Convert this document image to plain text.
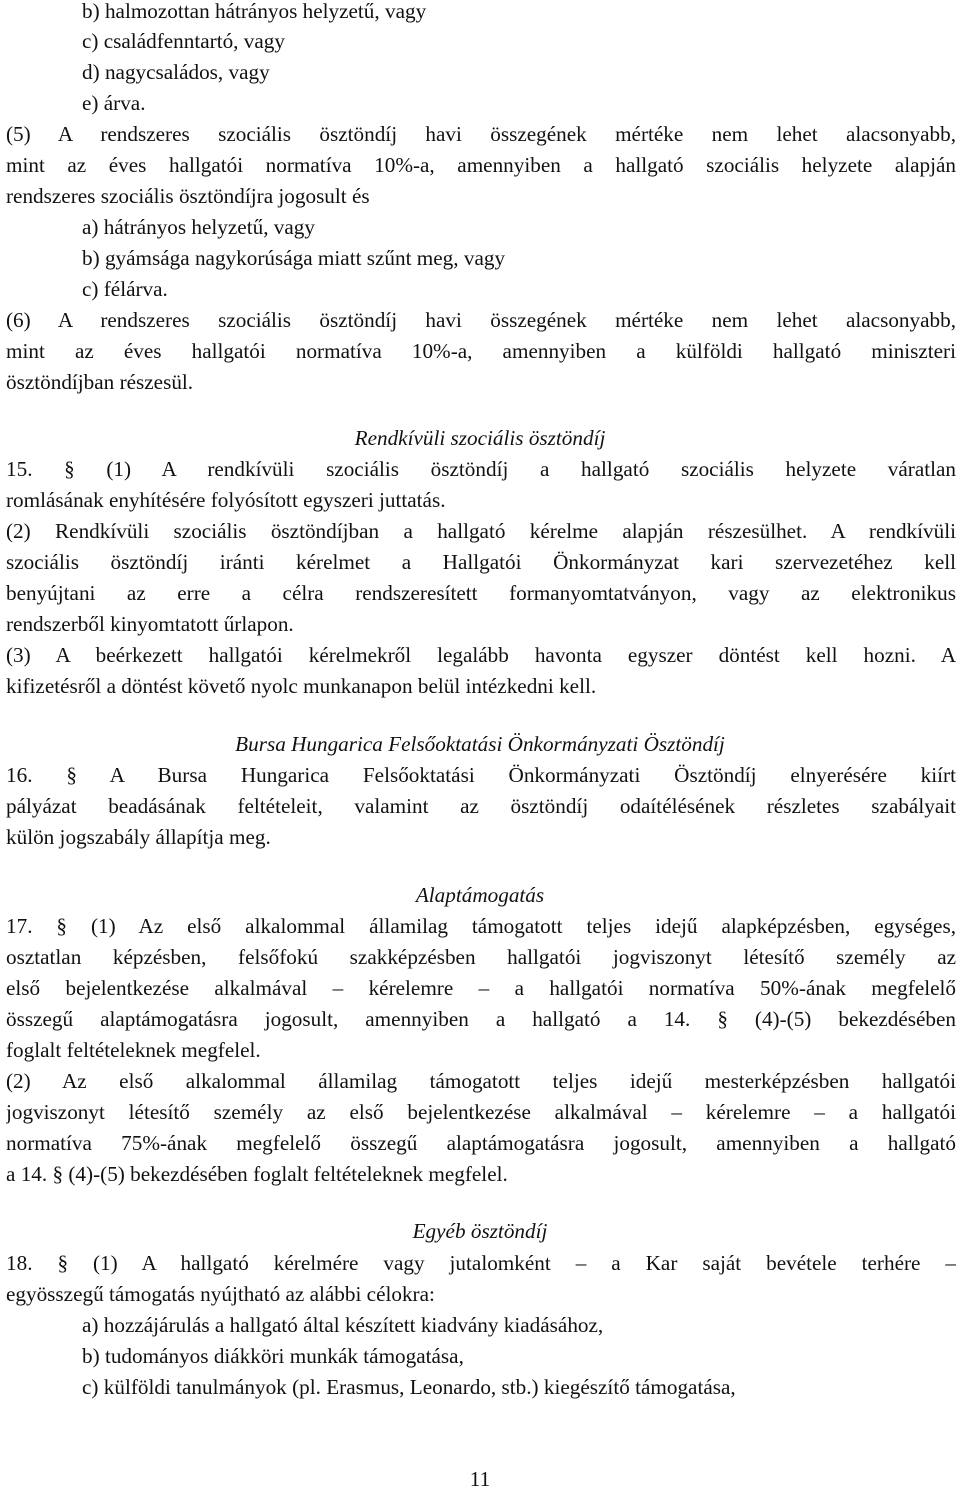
b) halmozottan hátrányos helyzetű, vagy
c) családfenntartó, vagy
d) nagycsaládos, vagy
e) árva.
(5) A rendszeres szociális ösztöndíj havi összegének mértéke nem lehet alacsonyabb,
mint az éves hallgatói normatíva 10%-a, amennyiben a hallgató szociális helyzete alapján
rendszeres szociális ösztöndíjra jogosult és
a) hátrányos helyzetű, vagy
b) gyámsága nagykorúsága miatt szűnt meg, vagy
c) félárva.
(6) A rendszeres szociális ösztöndíj havi összegének mértéke nem lehet alacsonyabb,
mint az éves hallgatói normatíva 10%-a, amennyiben a külföldi hallgató miniszteri
ösztöndíjban részesül.
Rendkívüli szociális ösztöndíj
15. § (1) A rendkívüli szociális ösztöndíj a hallgató szociális helyzete váratlan
romlásának enyhítésére folyósított egyszeri juttatás.
(2) Rendkívüli szociális ösztöndíjban a hallgató kérelme alapján részesülhet. A rendkívüli
szociális ösztöndíj iránti kérelmet a Hallgatói Önkormányzat kari szervezetéhez kell
benyújtani az erre a célra rendszeresített formanyomtatványon, vagy az elektronikus
rendszerből kinyomtatott űrlapon.
(3) A beérkezett hallgatói kérelmekről legalább havonta egyszer döntést kell hozni. A
kifizetésről a döntést követő nyolc munkanapon belül intézkedni kell.
Bursa Hungarica Felsőoktatási Önkormányzati Ösztöndíj
16. § A Bursa Hungarica Felsőoktatási Önkormányzati Ösztöndíj elnyerésére kiírt
pályázat beadásának feltételeit, valamint az ösztöndíj odaítélésének részletes szabályait
külön jogszabály állapítja meg.
Alaptámogatás
17. § (1) Az első alkalommal államilag támogatott teljes idejű alapképzésben, egységes,
osztatlan képzésben, felsőfokú szakképzésben hallgatói jogviszonyt létesítő személy az
első bejelentkezése alkalmával – kérelemre – a hallgatói normatíva 50%-ának megfelelő
összegű alaptámogatásra jogosult, amennyiben a hallgató a 14. § (4)-(5) bekezdésében
foglalt feltételeknek megfelel.
(2) Az első alkalommal államilag támogatott teljes idejű mesterképzésben hallgatói
jogviszonyt létesítő személy az első bejelentkezése alkalmával – kérelemre – a hallgatói
normatíva 75%-ának megfelelő összegű alaptámogatásra jogosult, amennyiben a hallgató
a 14. § (4)-(5) bekezdésében foglalt feltételeknek megfelel.
Egyéb ösztöndíj
18. § (1) A hallgató kérelmére vagy jutalomként – a Kar saját bevétele terhére –
egyösszegű támogatás nyújtható az alábbi célokra:
a) hozzájárulás a hallgató által készített kiadvány kiadásához,
b) tudományos diákköri munkák támogatása,
c) külföldi tanulmányok (pl. Erasmus, Leonardo, stb.) kiegészítő támogatása,
11
